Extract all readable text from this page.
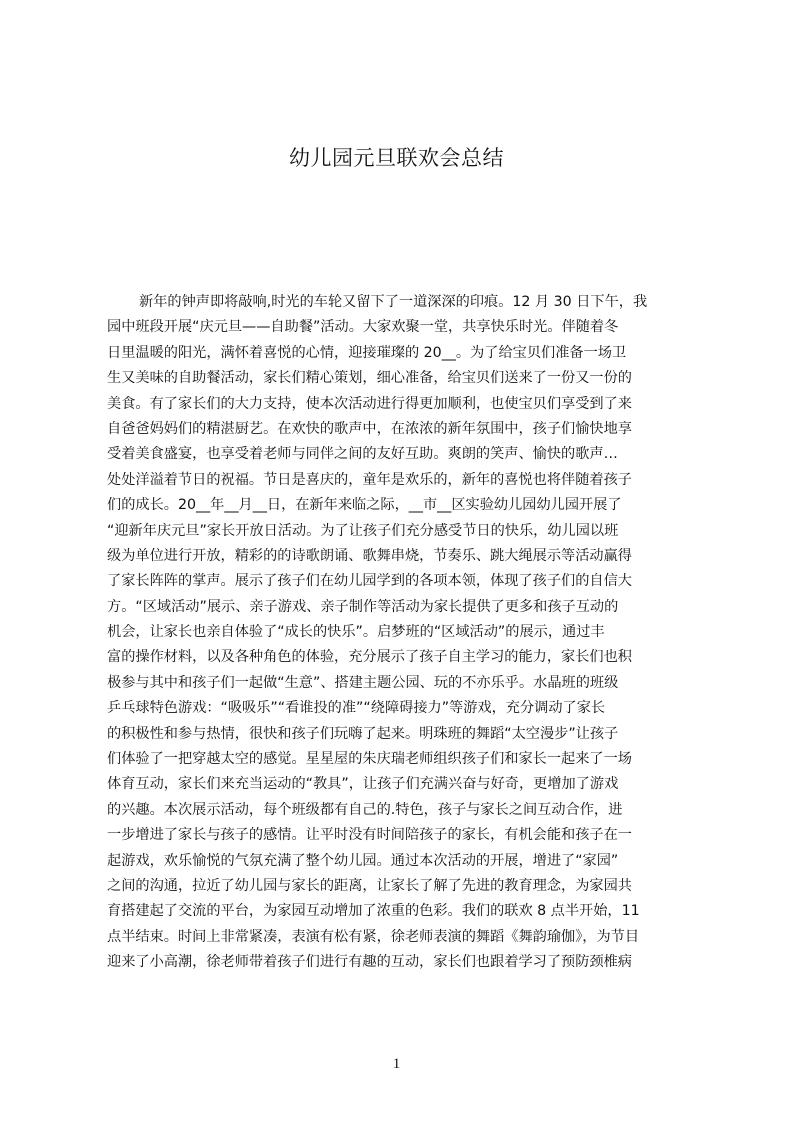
幼儿园元旦联欢会总结
新年的钟声即将敲响,时光的车轮又留下了一道深深的印痕。12 月 30 日下午，我
园中班段开展“庆元旦——自助餐”活动。大家欢聚一堂，共享快乐时光。伴随着冬
日里温暖的阳光，满怀着喜悦的心情，迎接璀璨的 20__。为了给宝贝们准备一场卫
生又美味的自助餐活动，家长们精心策划，细心准备，给宝贝们送来了一份又一份的
美食。有了家长们的大力支持，使本次活动进行得更加顺利，也使宝贝们享受到了来
自爸爸妈妈们的精湛厨艺。在欢快的歌声中，在浓浓的新年氛围中，孩子们愉快地享
受着美食盛宴，也享受着老师与同伴之间的友好互助。爽朗的笑声、愉快的歌声…
处处洋溢着节日的祝福。节日是喜庆的，童年是欢乐的，新年的喜悦也将伴随着孩子
们的成长。20__年__月__日，在新年来临之际，__市__区实验幼儿园幼儿园开展了
“迎新年庆元旦”家长开放日活动。为了让孩子们充分感受节日的快乐，幼儿园以班
级为单位进行开放，精彩的的诗歌朗诵、歌舞串烧，节奏乐、跳大绳展示等活动赢得
了家长阵阵的掌声。展示了孩子们在幼儿园学到的各项本领，体现了孩子们的自信大
方。“区域活动”展示、亲子游戏、亲子制作等活动为家长提供了更多和孩子互动的
机会，让家长也亲自体验了“成长的快乐”。启梦班的“区域活动”的展示，通过丰
富的操作材料，以及各种角色的体验，充分展示了孩子自主学习的能力，家长们也积
极参与其中和孩子们一起做“生意”、搭建主题公园、玩的不亦乐乎。水晶班的班级
乒乓球特色游戏：“吸吸乐”“看谁投的准”“绕障碍接力”等游戏，充分调动了家长
的积极性和参与热情，很快和孩子们玩嗨了起来。明珠班的舞蹈“太空漫步”让孩子
们体验了一把穿越太空的感觉。星星屋的朱庆瑞老师组织孩子们和家长一起来了一场
体育互动，家长们来充当运动的“教具”，让孩子们充满兴奋与好奇，更增加了游戏
的兴趣。本次展示活动，每个班级都有自己的.特色，孩子与家长之间互动合作，进
一步增进了家长与孩子的感情。让平时没有时间陪孩子的家长，有机会能和孩子在一
起游戏，欢乐愉悦的气氛充满了整个幼儿园。通过本次活动的开展，增进了“家园”
之间的沟通，拉近了幼儿园与家长的距离，让家长了解了先进的教育理念，为家园共
育搭建起了交流的平台，为家园互动增加了浓重的色彩。我们的联欢 8 点半开始，11
点半结束。时间上非常紧凑，表演有松有紧，徐老师表演的舞蹈《舞韵瑜伽》，为节目
迎来了小高潮，徐老师带着孩子们进行有趣的互动，家长们也跟着学习了预防颈椎病
1
